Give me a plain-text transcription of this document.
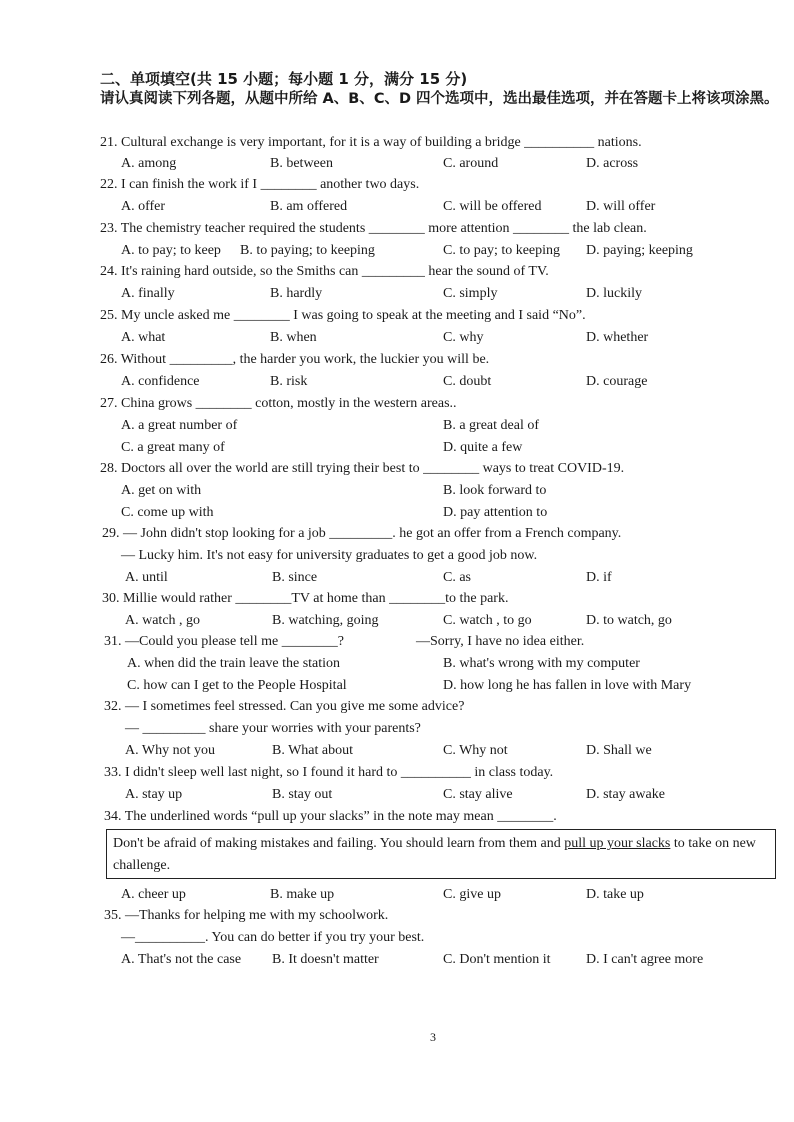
二、单项填空(共 15 小题；每小题 1 分，满分 15 分)
请认真阅读下列各题，从题中所给 A、B、C、D 四个选项中，选出最佳选项，并在答题卡上将该项涂黑。
21. Cultural exchange is very important, for it is a way of building a bridge __________ nations.
A. among	B. between	C. around	D. across
22. I can finish the work if I ________ another two days.
A. offer	B. am offered	C. will be offered	D. will offer
23. The chemistry teacher required the students ________ more attention ________ the lab clean.
A. to pay; to keep B. to paying; to keeping	C. to pay; to keeping D. paying; keeping
24. It's raining hard outside, so the Smiths can _________ hear the sound of TV.
A. finally	B. hardly	C. simply	D. luckily
25. My uncle asked me ________ I was going to speak at the meeting and I said “No”.
A. what	B. when	C. why	D. whether
26. Without _________, the harder you work, the luckier you will be.
A. confidence	B. risk	C. doubt	D. courage
27. China grows ________ cotton, mostly in the western areas..
A. a great number of	B. a great deal of
C. a great many of	D. quite a few
28. Doctors all over the world are still trying their best to ________ ways to treat COVID-19.
A. get on with	B. look forward to
C. come up with	D. pay attention to
29. — John didn't stop looking for a job _________. he got an offer from a French company.
— Lucky him. It's not easy for university graduates to get a good job now.
A. until	B. since	C. as	D. if
30. Millie would rather ________TV at home than ________to the park.
A. watch , go	B. watching, going	C. watch , to go	D. to watch, go
31. —Could you please tell me ________?	—Sorry, I have no idea either.
A. when did the train leave the station	B. what's wrong with my computer
C. how can I get to the People Hospital	D. how long he has fallen in love with Mary
32. — I sometimes feel stressed. Can you give me some advice?
— _________ share your worries with your parents?
A. Why not you	B. What about	C. Why not	D. Shall we
33. I didn't sleep well last night, so I found it hard to __________ in class today.
A. stay up	B. stay out	C. stay alive	D. stay awake
34. The underlined words “pull up your slacks” in the note may mean ________.
Don't be afraid of making mistakes and failing. You should learn from them and pull up your slacks to take on new challenge.
A. cheer up	B. make up	C. give up	D. take up
35. —Thanks for helping me with my schoolwork.
—__________. You can do better if you try your best.
A. That's not the case B. It doesn't matter	C. Don't mention it	D. I can't agree more
3
